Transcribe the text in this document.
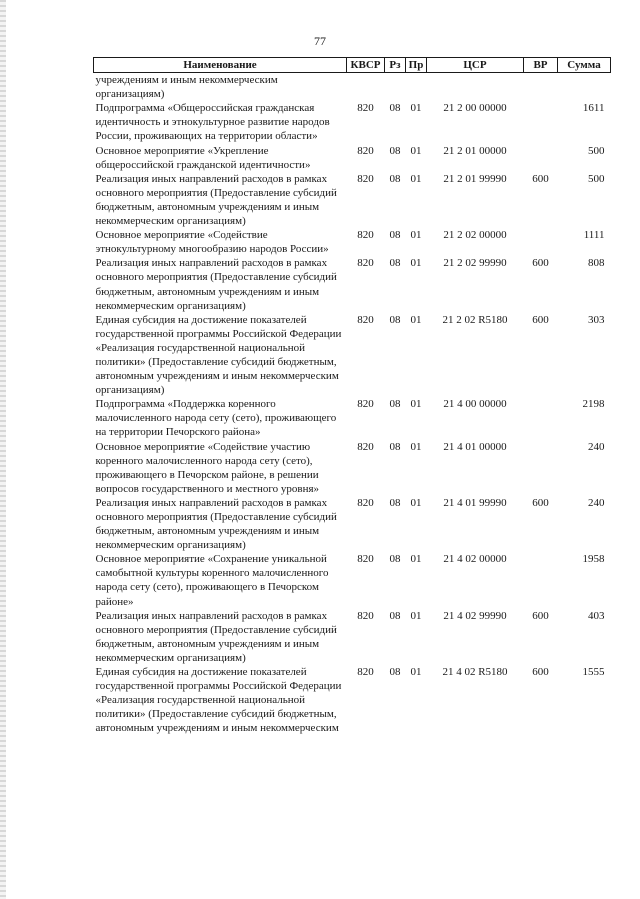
77
Наименование	КВСР	Рз	Пр	ЦСР	ВР	Сумма
учреждениям и иным некоммерческим организациям)						
Подпрограмма «Общероссийская гражданская идентичность и этнокультурное развитие народов России, проживающих на территории области»	820	08	01	21 2 00 00000		1611
Основное мероприятие «Укрепление общероссийской гражданской идентичности»	820	08	01	21 2 01 00000		500
Реализация иных направлений расходов в рамках основного мероприятия (Предоставление субсидий бюджетным, автономным учреждениям и иным некоммерческим организациям)	820	08	01	21 2 01 99990	600	500
Основное мероприятие «Содействие этнокультурному многообразию народов России»	820	08	01	21 2 02 00000		1111
Реализация иных направлений расходов в рамках основного мероприятия (Предоставление субсидий бюджетным, автономным учреждениям и иным некоммерческим организациям)	820	08	01	21 2 02 99990	600	808
Единая субсидия на достижение показателей государственной программы Российской Федерации «Реализация государственной национальной политики» (Предоставление субсидий бюджетным, автономным учреждениям и иным некоммерческим организациям)	820	08	01	21 2 02 R5180	600	303
Подпрограмма «Поддержка коренного малочисленного народа сету (сето), проживающего на территории Печорского района»	820	08	01	21 4 00 00000		2198
Основное мероприятие «Содействие участию коренного малочисленного народа сету (сето), проживающего в Печорском районе, в решении вопросов государственного и местного уровня»	820	08	01	21 4 01 00000		240
Реализация иных направлений расходов в рамках основного мероприятия (Предоставление субсидий бюджетным, автономным учреждениям и иным некоммерческим организациям)	820	08	01	21 4 01 99990	600	240
Основное мероприятие «Сохранение уникальной самобытной культуры коренного малочисленного народа сету (сето), проживающего в Печорском районе»	820	08	01	21 4 02 00000		1958
Реализация иных направлений расходов в рамках основного мероприятия (Предоставление субсидий бюджетным, автономным учреждениям и иным некоммерческим организациям)	820	08	01	21 4 02 99990	600	403
Единая субсидия на достижение показателей государственной программы Российской Федерации «Реализация государственной национальной политики» (Предоставление субсидий бюджетным, автономным учреждениям и иным некоммерческим	820	08	01	21 4 02 R5180	600	1555
